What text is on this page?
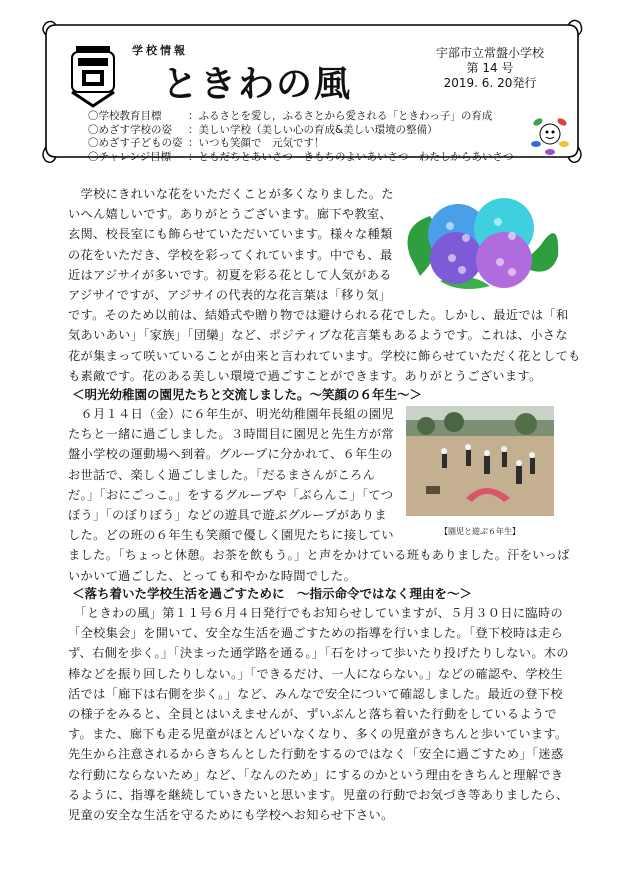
学校情報
ときわの風
宇部市立常盤小学校
第 14 号
2019. 6. 20発行
〇学校教育目標	：ふるさとを愛し，ふるさとから愛される「ときわっ子」の育成
〇めざす学校の姿 ：美しい学校（美しい心の育成&美しい環境の整備）
〇めざす子どもの姿 ：いつも笑顔で　元気です！
〇チャレンジ目標 ：ともだちとあいさつ　きもちのよいあいさつ　わたしからあいさつ

　学校にきれいな花をいただくことが多くなりました。た

いへん嬉しいです。ありがとうございます。廊下や教室、

玄関、校長室にも飾らせていただいています。様々な種類

の花をいただき、学校を彩ってくれています。中でも、最

近はアジサイが多いです。初夏を彩る花として人気がある

アジサイですが、アジサイの代表的な花言葉は「移り気」

です。そのため以前は、結婚式や贈り物では避けられる花でした。しかし、最近では「和

気あいあい」「家族」「団欒」など、ポジティブな花言葉もあるようです。これは、小さな

花が集まって咲いていることが由来と言われています。学校に飾らせていただく花としても

も素敵です。花のある美しい環境で過ごすことができます。ありがとうございます。

＜明光幼稚園の園児たちと交流しました。～笑顔の６年生～＞

　６月１４日（金）に６年生が、明光幼稚園年長組の園児

たちと一緒に過ごしました。３時間目に園児と先生方が常

盤小学校の運動場へ到着。グループに分かれて、６年生の

お世話で、楽しく過ごしました。「だるまさんがころん

だ。」「おにごっこ。」をするグループや「ぶらんこ」「てつ

ぼう」「のぼりぼう」などの遊具で遊ぶグループがありま

した。どの班の６年生も笑顔で優しく園児たちに接してい

ました。「ちょっと休憩。お茶を飲もう。」と声をかけている班もありました。汗をいっぱ

いかいて過ごした、とっても和やかな時間でした。

【園児と遊ぶ６年生】
＜落ち着いた学校生活を過ごすために　～指示命令ではなく理由を～＞

　「ときわの風」第１１号６月４日発行でもお知らせしていますが、５月３０日に臨時の

「全校集会」を開いて、安全な生活を過ごすための指導を行いました。「登下校時は走ら

ず、右側を歩く。」「決まった通学路を通る。」「石をけって歩いたり投げたりしない。木の

棒などを振り回したりしない。」「できるだけ、一人にならない。」などの確認や、学校生

活では「廊下は右側を歩く。」など、みんなで安全について確認しました。最近の登下校

の様子をみると、全員とはいえませんが、ずいぶんと落ち着いた行動をしているようで

す。また、廊下も走る児童がほとんどいなくなり、多くの児童がきちんと歩いています。

先生から注意されるからきちんとした行動をするのではなく「安全に過ごすため」「迷惑

な行動にならないため」など、「なんのため」にするのかという理由をきちんと理解でき

るように、指導を継続していきたいと思います。児童の行動でお気づき等ありましたら、

児童の安全な生活を守るためにも学校へお知らせ下さい。
